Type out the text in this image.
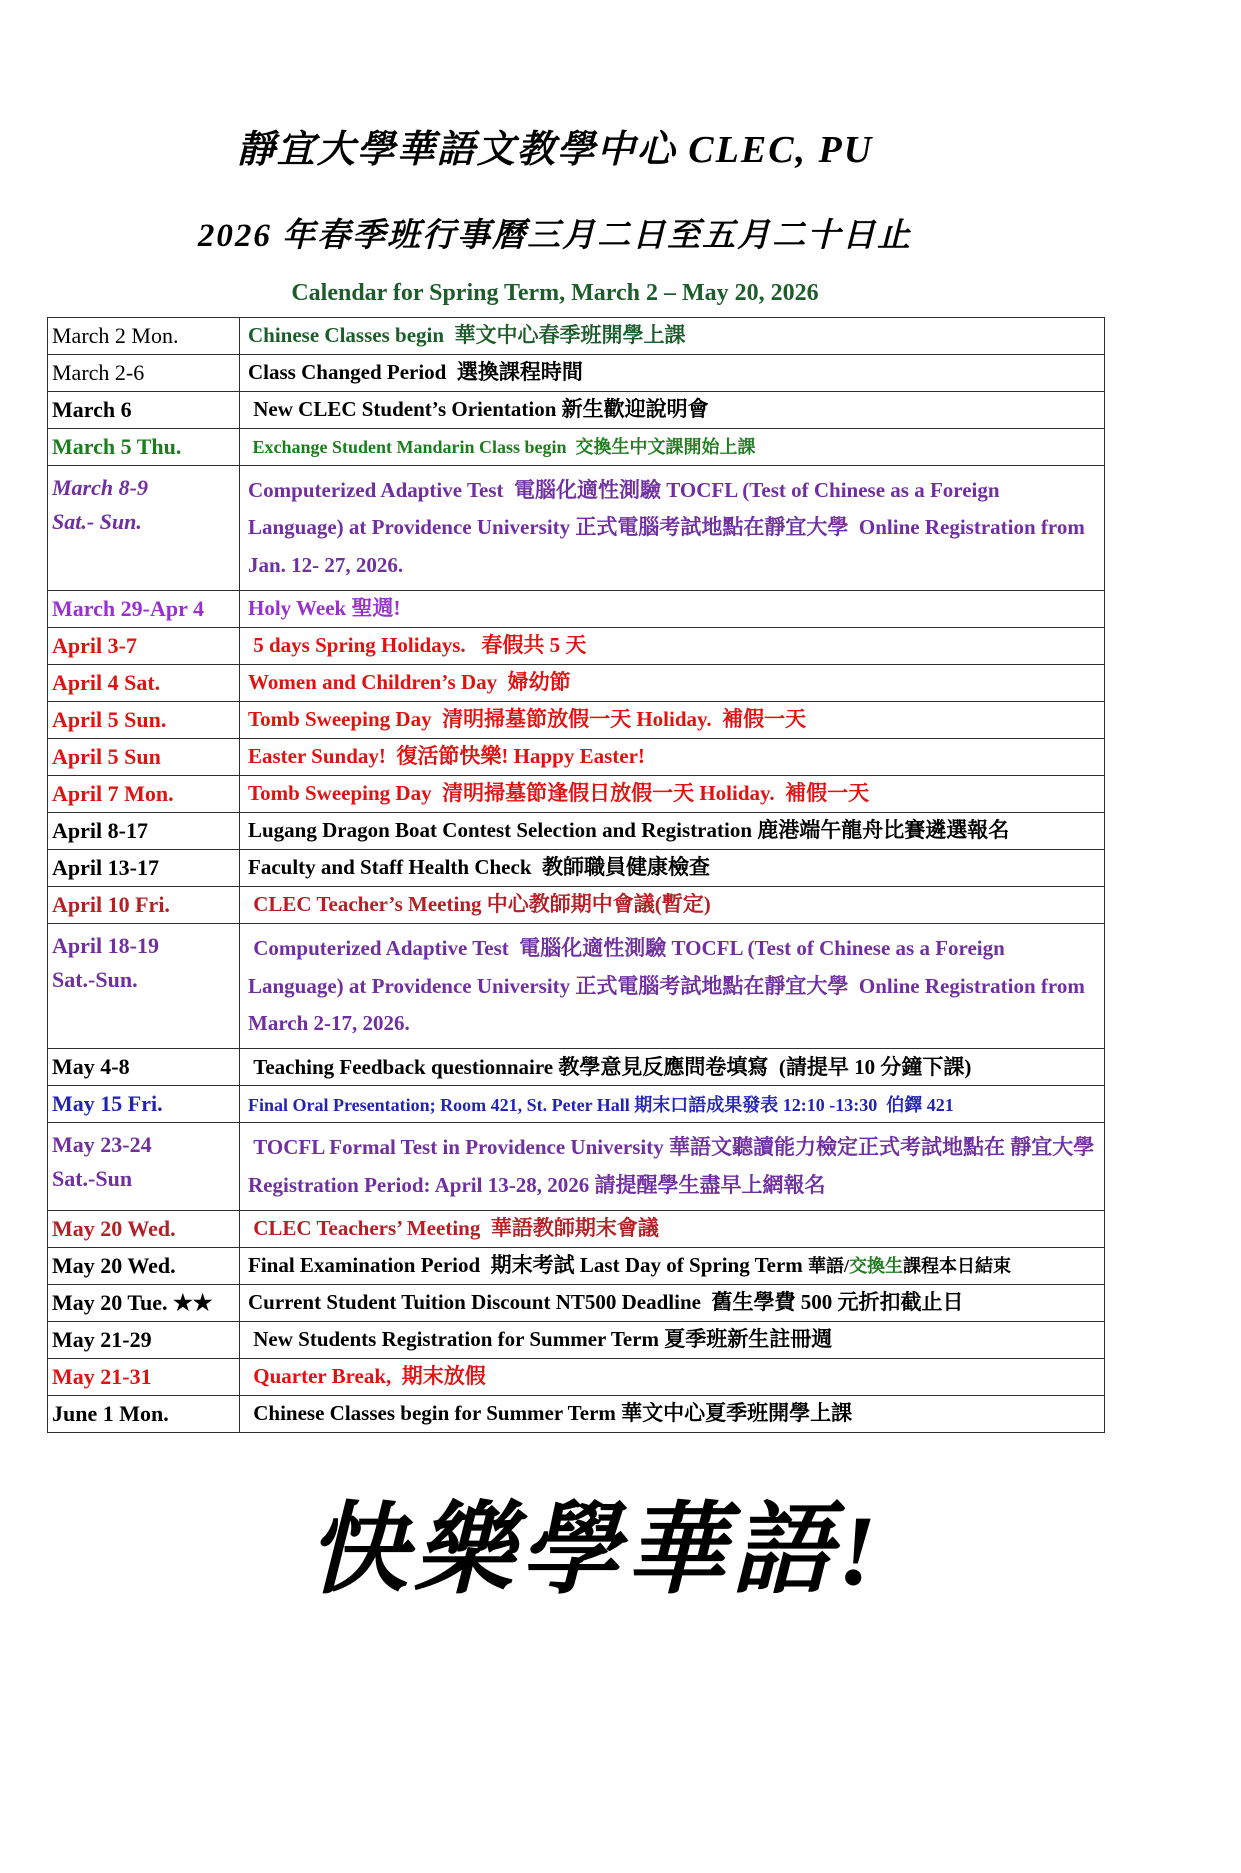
靜宜大學華語文教學中心 CLEC, PU
2026 年春季班行事曆三月二日至五月二十日止
Calendar for Spring Term, March 2 – May 20, 2026
March 2 Mon.	Chinese Classes begin  華文中心春季班開學上課

March 2-6	Class Changed Period  選換課程時間

March 6	New CLEC Student’s Orientation 新生歡迎說明會

March 5 Thu.	Exchange Student Mandarin Class begin  交換生中文課開始上課

March 8-9
Sat.- Sun.	Computerized Adaptive Test  電腦化適性測驗 TOCFL (Test of Chinese as a Foreign Language) at Providence University 正式電腦考試地點在靜宜大學  Online Registration from Jan. 12- 27, 2026.

March 29-Apr 4	Holy Week 聖週!

April 3-7	5 days Spring Holidays.   春假共 5 天

April 4 Sat.	Women and Children’s Day  婦幼節

April 5 Sun.	Tomb Sweeping Day  清明掃墓節放假一天 Holiday.  補假一天

April 5 Sun	Easter Sunday!  復活節快樂! Happy Easter!

April 7 Mon.	Tomb Sweeping Day  清明掃墓節逢假日放假一天 Holiday.  補假一天

April 8-17	Lugang Dragon Boat Contest Selection and Registration 鹿港端午龍舟比賽遴選報名

April 13-17	Faculty and Staff Health Check  教師職員健康檢查

April 10 Fri.	CLEC Teacher’s Meeting 中心教師期中會議(暫定)

April 18-19
Sat.-Sun.	Computerized Adaptive Test  電腦化適性測驗 TOCFL (Test of Chinese as a Foreign Language) at Providence University 正式電腦考試地點在靜宜大學  Online Registration from March 2-17, 2026.

May 4-8	Teaching Feedback questionnaire 教學意見反應問卷填寫  (請提早 10 分鐘下課)

May 15 Fri.	Final Oral Presentation; Room 421, St. Peter Hall 期末口語成果發表 12:10 -13:30  伯鐸 421

May 23-24
Sat.-Sun	TOCFL Formal Test in Providence University 華語文聽讀能力檢定正式考試地點在 靜宜大學 Registration Period: April 13-28, 2026 請提醒學生盡早上網報名

May 20 Wed.	CLEC Teachers’ Meeting  華語教師期末會議

May 20 Wed.	Final Examination Period  期末考試 Last Day of Spring Term 華語/交換生課程本日結束

May 20 Tue. ★★	Current Student Tuition Discount NT500 Deadline  舊生學費 500 元折扣截止日

May 21-29	New Students Registration for Summer Term 夏季班新生註冊週

May 21-31	Quarter Break,  期末放假

June 1 Mon.	Chinese Classes begin for Summer Term 華文中心夏季班開學上課
快樂學華語!
